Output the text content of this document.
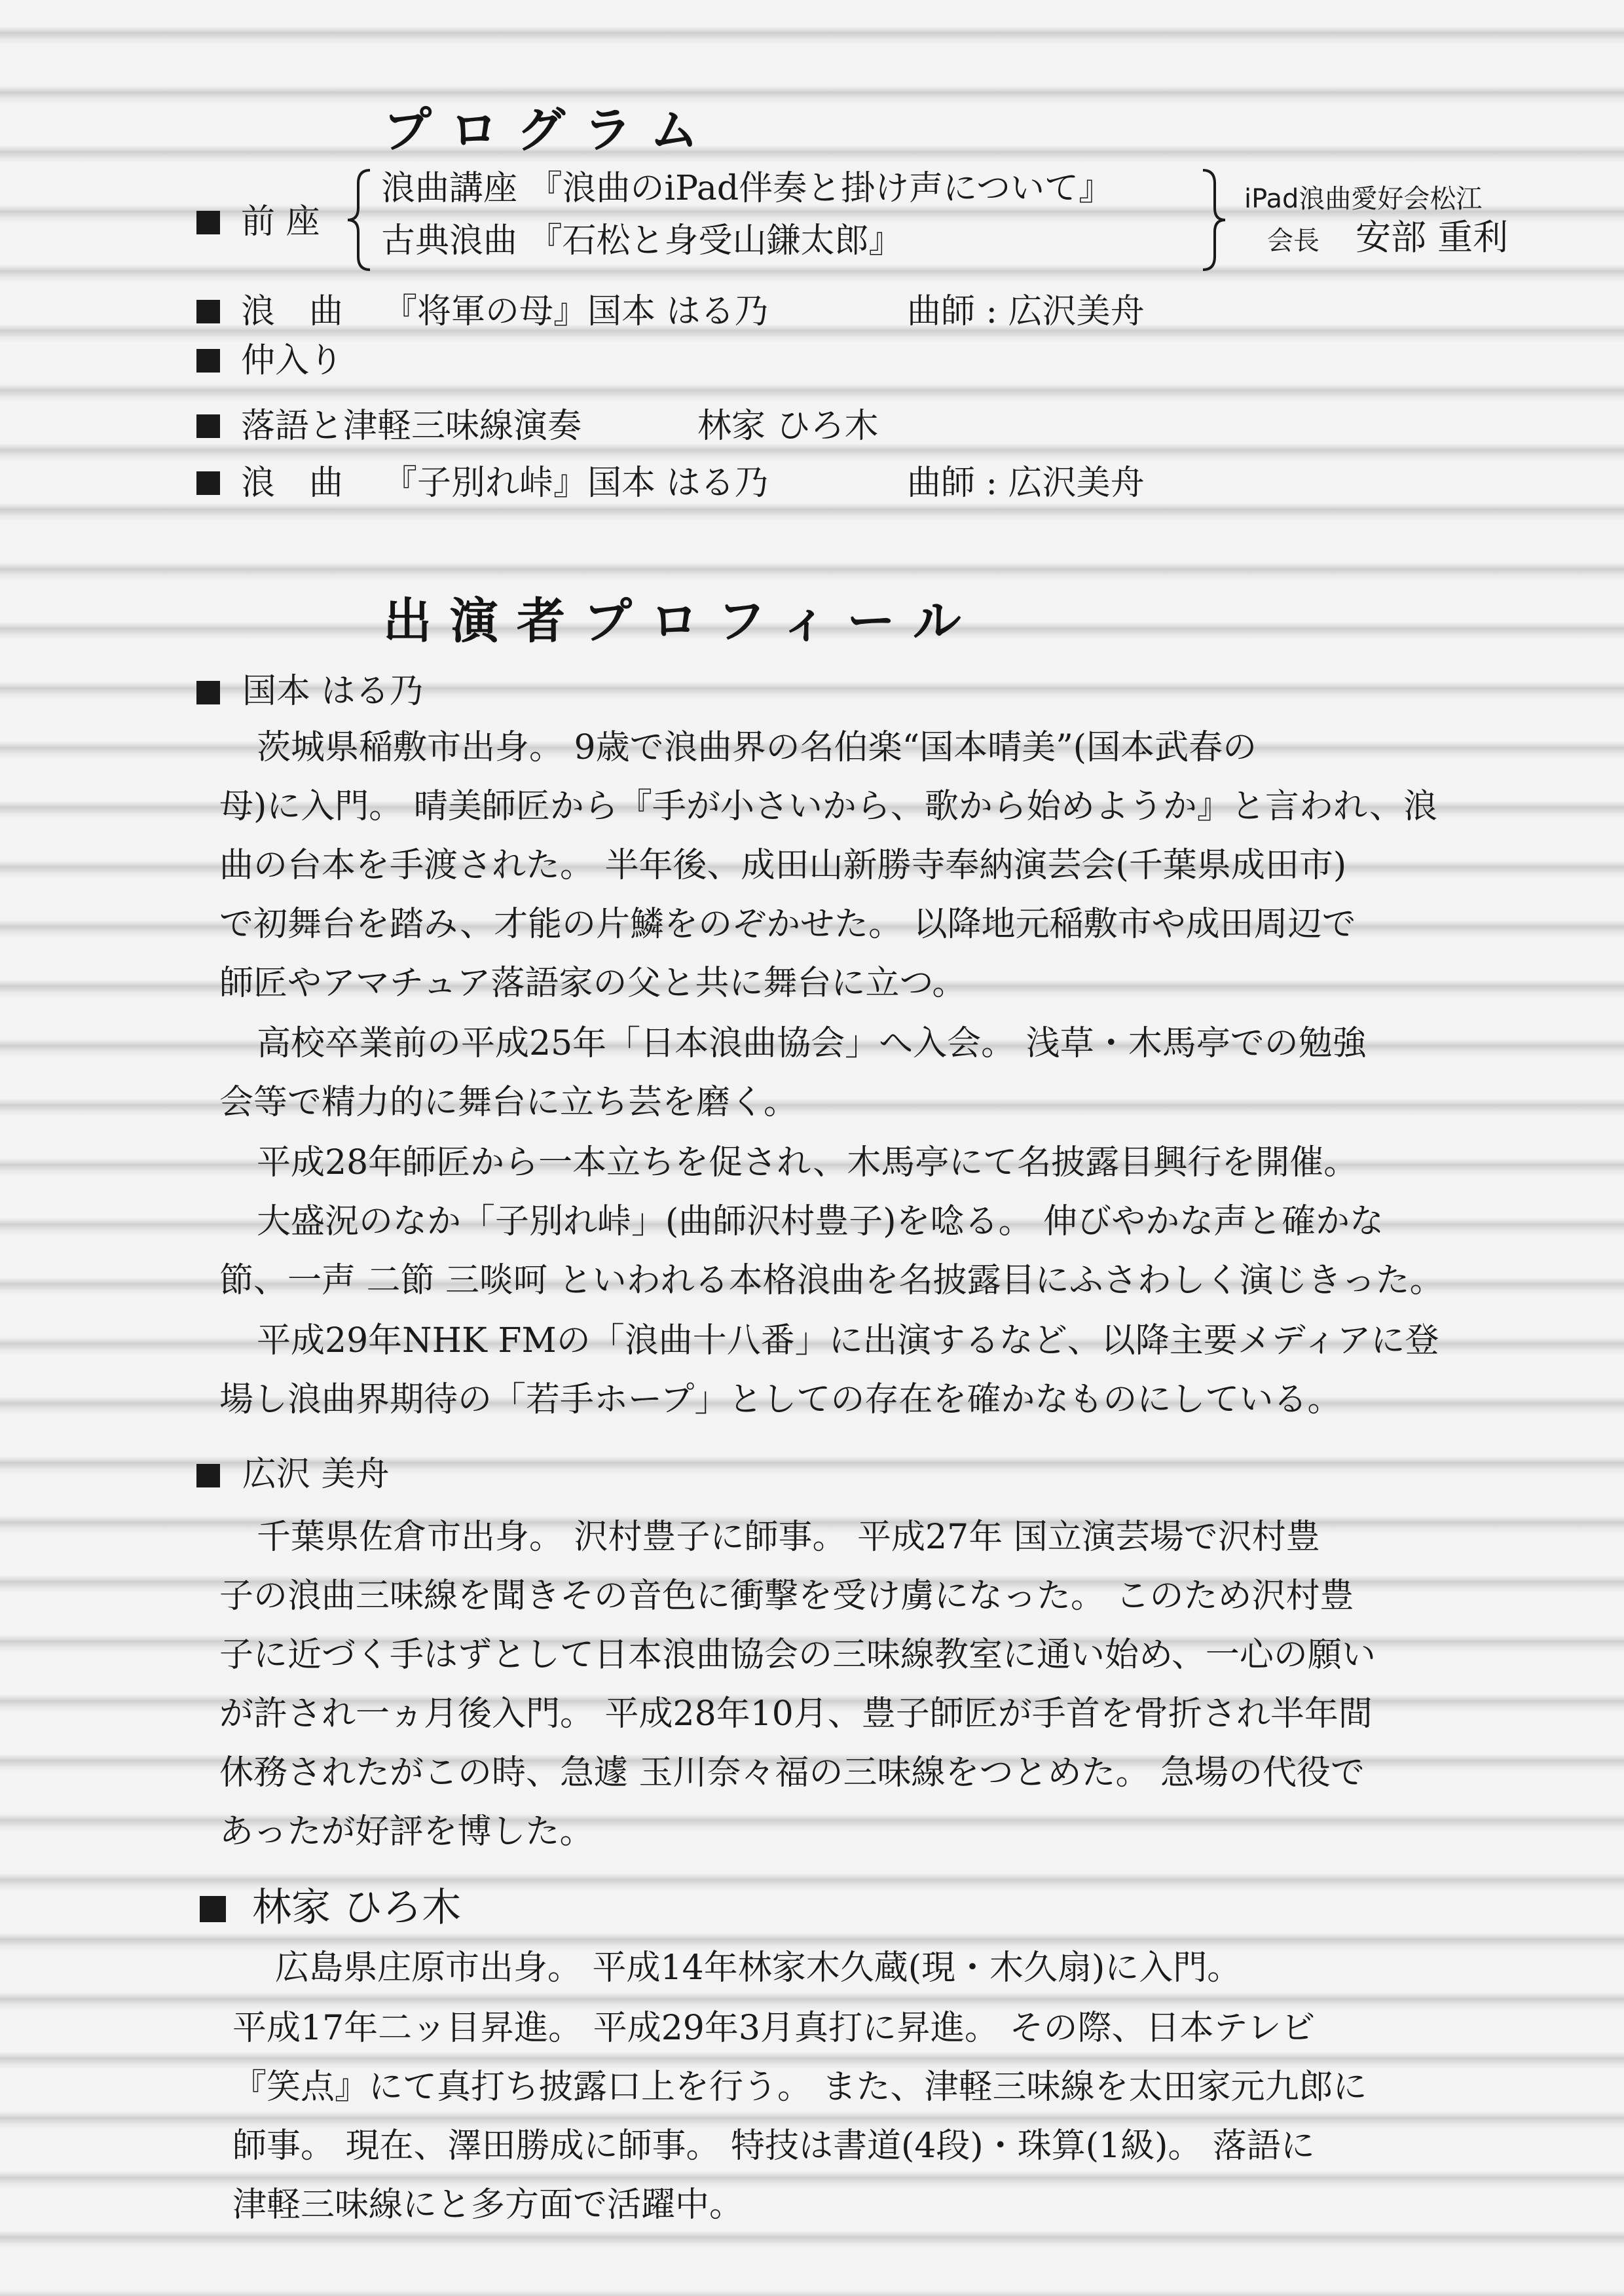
プログラム
前 座
浪曲講座 『浪曲のiPad伴奏と掛け声について』
古典浪曲 『石松と身受山鎌太郎』
iPad浪曲愛好会松江
会長 安部 重利
浪　曲 『将軍の母』国本 はる乃	曲師 : 広沢美舟
仲入り
落語と津軽三味線演奏	林家 ひろ木
浪　曲 『子別れ峠』国本 はる乃	曲師 : 広沢美舟
出演者プロフィール
国本 はる乃
茨城県稲敷市出身。 9歳で浪曲界の名伯楽“国本晴美”(国本武春の
母)に入門。 晴美師匠から『手が小さいから、歌から始めようか』と言われ、浪
曲の台本を手渡された。 半年後、成田山新勝寺奉納演芸会(千葉県成田市)
で初舞台を踏み、才能の片鱗をのぞかせた。 以降地元稲敷市や成田周辺で
師匠やアマチュア落語家の父と共に舞台に立つ。
高校卒業前の平成25年「日本浪曲協会」へ入会。 浅草・木馬亭での勉強
会等で精力的に舞台に立ち芸を磨く。
平成28年師匠から一本立ちを促され、木馬亭にて名披露目興行を開催。
大盛況のなか「子別れ峠」(曲師沢村豊子)を唸る。 伸びやかな声と確かな
節、一声 二節 三啖呵 といわれる本格浪曲を名披露目にふさわしく演じきった。
平成29年NHK FMの「浪曲十八番」に出演するなど、以降主要メディアに登
場し浪曲界期待の「若手ホープ」としての存在を確かなものにしている。
広沢 美舟
千葉県佐倉市出身。 沢村豊子に師事。 平成27年 国立演芸場で沢村豊
子の浪曲三味線を聞きその音色に衝撃を受け虜になった。 このため沢村豊
子に近づく手はずとして日本浪曲協会の三味線教室に通い始め、一心の願い
が許され一ヵ月後入門。 平成28年10月、豊子師匠が手首を骨折され半年間
休務されたがこの時、急遽 玉川奈々福の三味線をつとめた。 急場の代役で
あったが好評を博した。
林家 ひろ木
広島県庄原市出身。 平成14年林家木久蔵(現・木久扇)に入門。
平成17年二ッ目昇進。 平成29年3月真打に昇進。 その際、日本テレビ
『笑点』にて真打ち披露口上を行う。 また、津軽三味線を太田家元九郎に
師事。 現在、澤田勝成に師事。 特技は書道(4段)・珠算(1級)。 落語に
津軽三味線にと多方面で活躍中。
